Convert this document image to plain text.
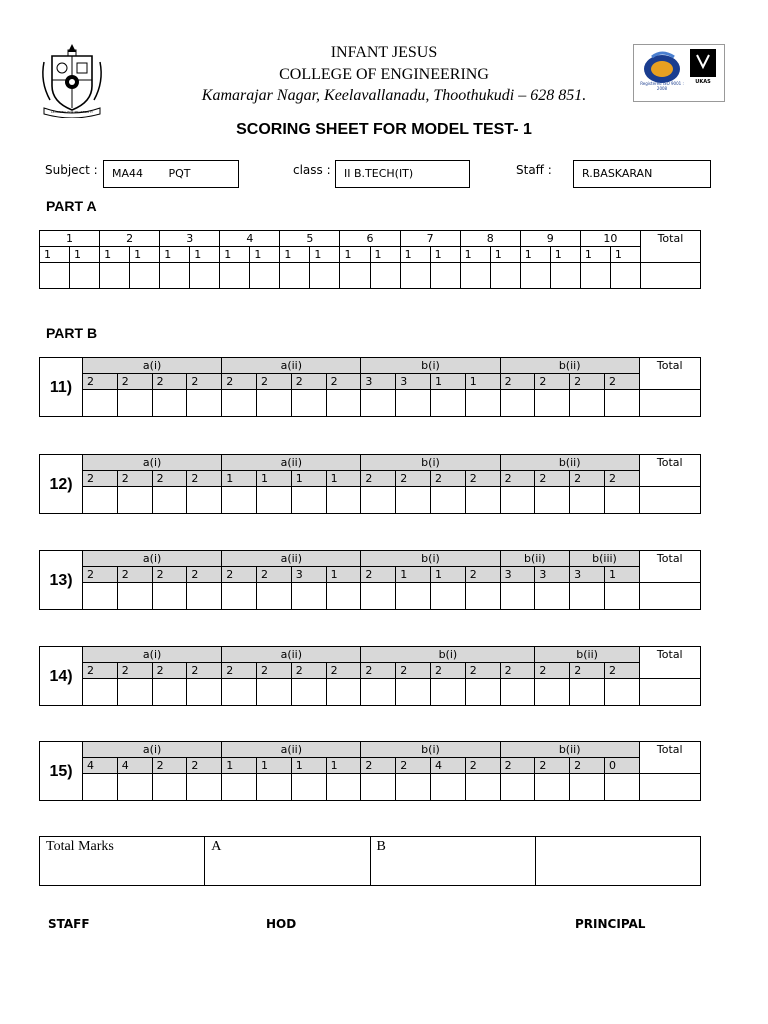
LEARNING FOR PROSPERITY
Registered ISO 9001 : 2008
UKAS
INFANT JESUS
COLLEGE OF ENGINEERING
Kamarajar Nagar, Keelavallanadu, Thoothukudi – 628 851.
SCORING SHEET FOR MODEL TEST- 1
Subject :	MA44 PQT	class :	II B.TECH(IT)	Staff :	R.BASKARAN
PART A
1		2		3		4		5		6		7		8		9		10		Total
1	1	1	1	1	1	1	1	1	1	1	1	1	1	1	1	1	1	1	1	

PART B
11)	a(i)				a(ii)				b(i)				b(ii)				Total
	2	2	2	2	2	2	2	2	3	3	1	1	2	2	2	2	

12)	a(i)				a(ii)				b(i)				b(ii)				Total
	2	2	2	2	1	1	1	1	2	2	2	2	2	2	2	2	

13)	a(i)				a(ii)				b(i)				b(ii)		b(iii)		Total
	2	2	2	2	2	2	3	1	2	1	1	2	3	3	3	1	

14)	a(i)				a(ii)				b(i)					b(ii)			Total
	2	2	2	2	2	2	2	2	2	2	2	2	2	2	2	2	

15)	a(i)				a(ii)				b(i)				b(ii)				Total
	4	4	2	2	1	1	1	1	2	2	4	2	2	2	2	0	

Total Marks	A	B	
STAFF	HOD	PRINCIPAL
